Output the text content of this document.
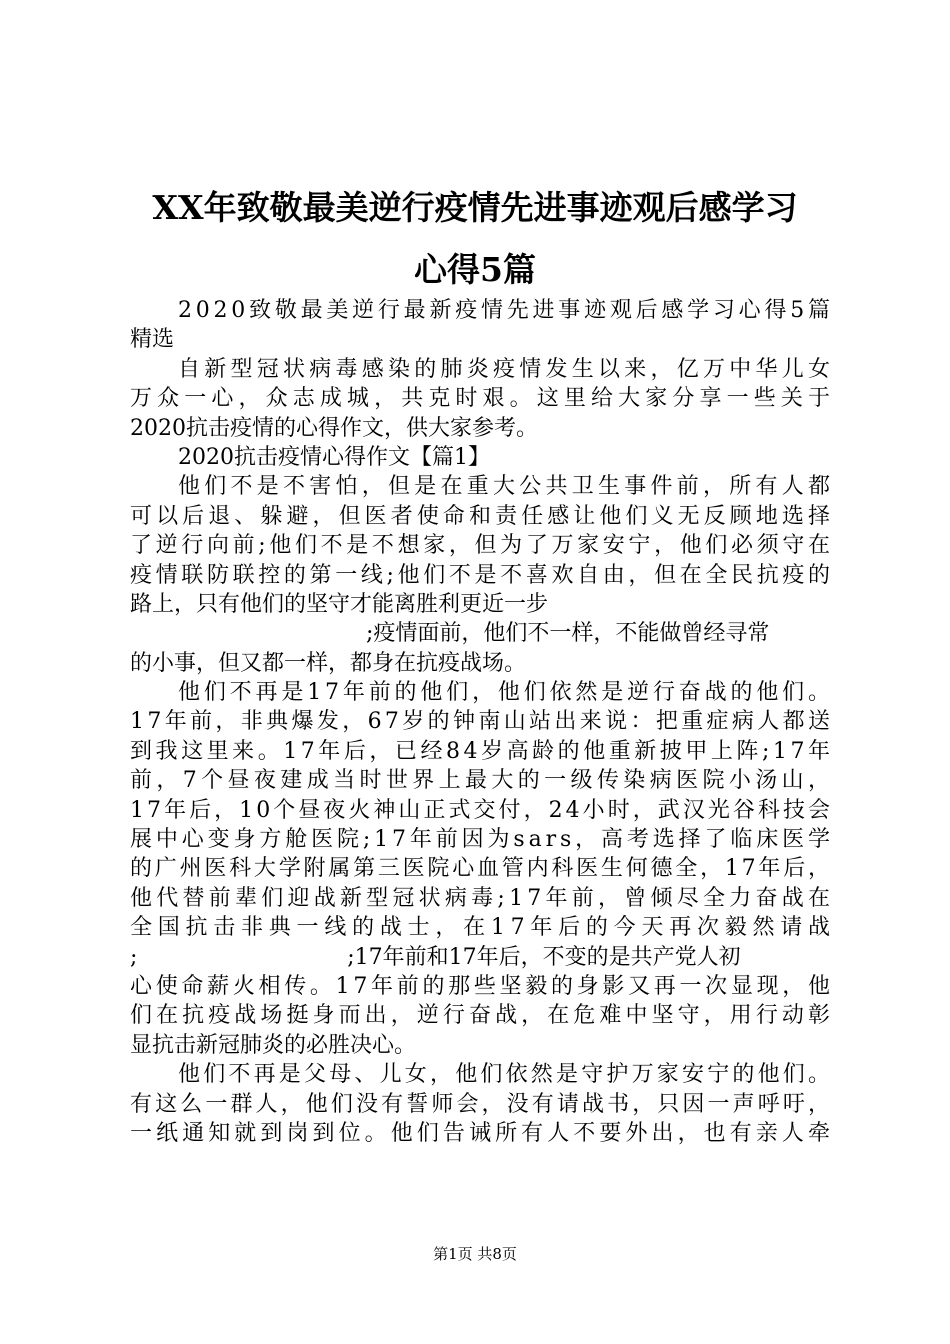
XX年致敬最美逆行疫情先进事迹观后感学习
心得5篇
2020致敬最美逆行最新疫情先进事迹观后感学习心得5篇
精选
自新型冠状病毒感染的肺炎疫情发生以来，亿万中华儿女
万众一心，众志成城，共克时艰。这里给大家分享一些关于
2020抗击疫情的心得作文，供大家参考。
2020抗击疫情心得作文【篇1】
他们不是不害怕，但是在重大公共卫生事件前，所有人都
可以后退、躲避，但医者使命和责任感让他们义无反顾地选择
了逆行向前;他们不是不想家，但为了万家安宁，他们必须守在
疫情联防联控的第一线;他们不是不喜欢自由，但在全民抗疫的
路上，只有他们的坚守才能离胜利更近一步
;疫情面前，他们不一样，不能做曾经寻常
的小事，但又都一样，都身在抗疫战场。
他们不再是17年前的他们，他们依然是逆行奋战的他们。
17年前，非典爆发，67岁的钟南山站出来说：把重症病人都送
到我这里来。17年后，已经84岁高龄的他重新披甲上阵;17年
前，7个昼夜建成当时世界上最大的一级传染病医院小汤山，
17年后，10个昼夜火神山正式交付，24小时，武汉光谷科技会
展中心变身方舱医院;17年前因为sars，高考选择了临床医学
的广州医科大学附属第三医院心血管内科医生何德全，17年后，
他代替前辈们迎战新型冠状病毒;17年前，曾倾尽全力奋战在
全国抗击非典一线的战士，在17年后的今天再次毅然请战
;                              ;17年前和17年后，不变的是共产党人初
心使命薪火相传。17年前的那些坚毅的身影又再一次显现，他
们在抗疫战场挺身而出，逆行奋战，在危难中坚守，用行动彰
显抗击新冠肺炎的必胜决心。
他们不再是父母、儿女，他们依然是守护万家安宁的他们。
有这么一群人，他们没有誓师会，没有请战书，只因一声呼吁，
一纸通知就到岗到位。他们告诫所有人不要外出，也有亲人牵
第1页 共8页
